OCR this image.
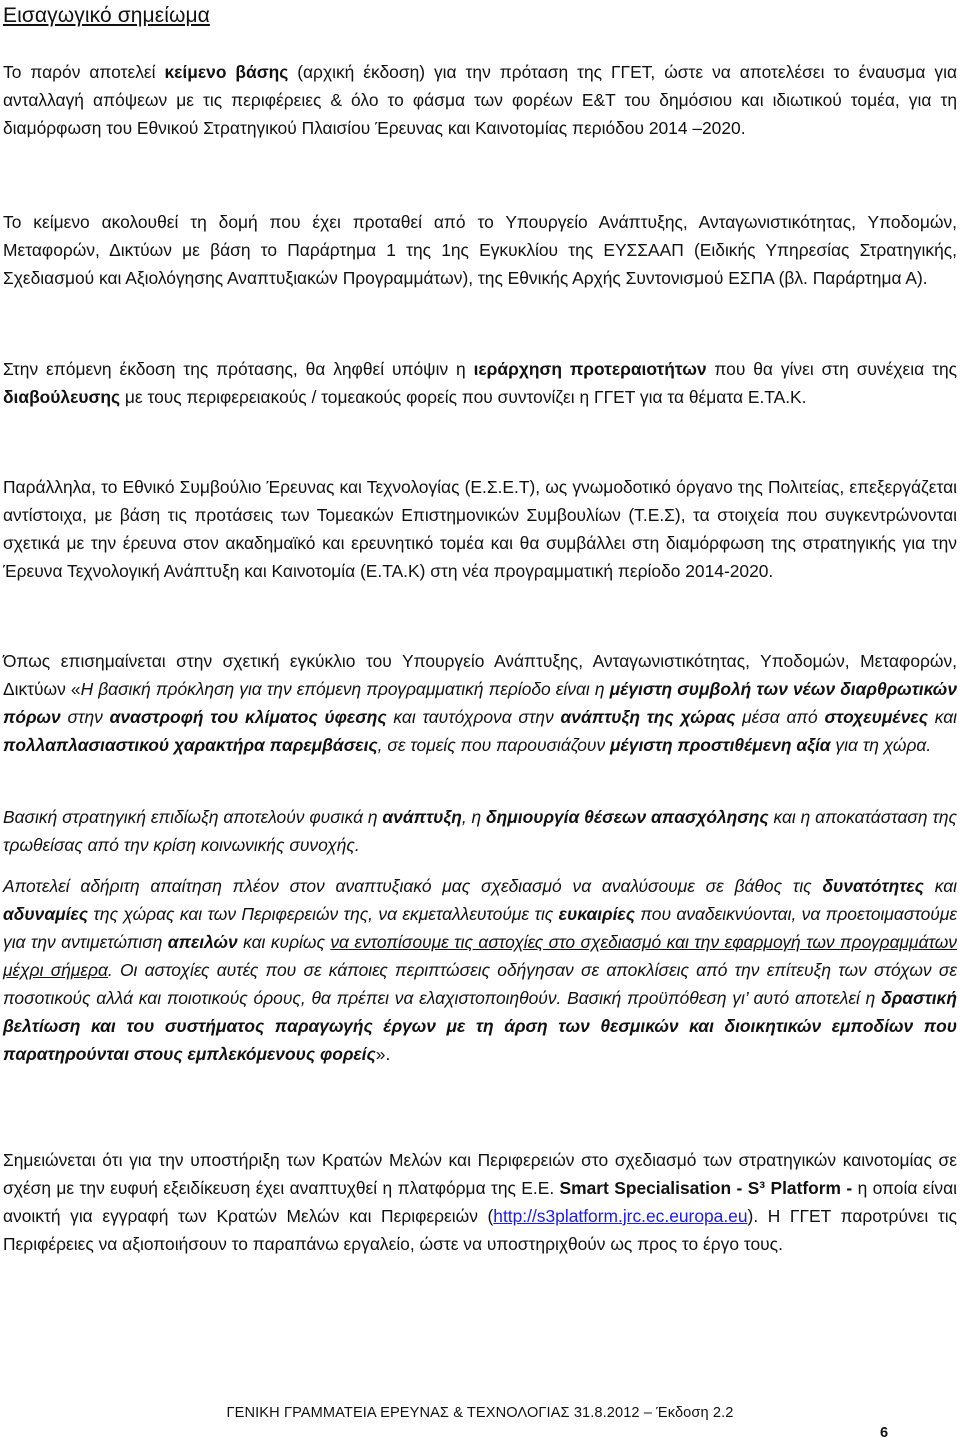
Εισαγωγικό σημείωμα

Το παρόν αποτελεί κείμενο βάσης (αρχική έκδοση) για την πρόταση της ΓΓΕΤ, ώστε να αποτελέσει το έναυσμα για ανταλλαγή απόψεων με τις περιφέρειες & όλο το φάσμα των φορέων Ε&Τ του δημόσιου και ιδιωτικού τομέα, για τη διαμόρφωση του Εθνικού Στρατηγικού Πλαισίου Έρευνας και Καινοτομίας περιόδου 2014 –2020.

Το κείμενο ακολουθεί τη δομή που έχει προταθεί από το Υπουργείο Ανάπτυξης, Ανταγωνιστικότητας, Υποδομών, Μεταφορών, Δικτύων με βάση το Παράρτημα 1 της 1ης Εγκυκλίου της ΕΥΣΣΑΑΠ (Ειδικής Υπηρεσίας Στρατηγικής, Σχεδιασμού και Αξιολόγησης Αναπτυξιακών Προγραμμάτων), της Εθνικής Αρχής Συντονισμού ΕΣΠΑ (βλ. Παράρτημα Α).

Στην επόμενη έκδοση της πρότασης, θα ληφθεί υπόψιν η ιεράρχηση προτεραιοτήτων που θα γίνει στη συνέχεια της διαβούλευσης με τους περιφερειακούς / τομεακούς φορείς που συντονίζει η ΓΓΕΤ για τα θέματα Ε.ΤΑ.Κ.

Παράλληλα, το Εθνικό Συμβούλιο Έρευνας και Τεχνολογίας (Ε.Σ.Ε.Τ), ως γνωμοδοτικό όργανο της Πολιτείας, επεξεργάζεται αντίστοιχα, με βάση τις προτάσεις των Τομεακών Επιστημονικών Συμβουλίων (Τ.Ε.Σ), τα στοιχεία που συγκεντρώνονται σχετικά με την έρευνα στον ακαδημαϊκό και ερευνητικό τομέα και θα συμβάλλει στη διαμόρφωση της στρατηγικής για την Έρευνα Τεχνολογική Ανάπτυξη και Καινοτομία (Ε.ΤΑ.Κ) στη νέα προγραμματική περίοδο 2014-2020.

Όπως επισημαίνεται στην σχετική εγκύκλιο του Υπουργείο Ανάπτυξης, Ανταγωνιστικότητας, Υποδομών, Μεταφορών, Δικτύων «Η βασική πρόκληση για την επόμενη προγραμματική περίοδο είναι η μέγιστη συμβολή των νέων διαρθρωτικών πόρων στην αναστροφή του κλίματος ύφεσης και ταυτόχρονα στην ανάπτυξη της χώρας μέσα από στοχευμένες και πολλαπλασιαστικού χαρακτήρα παρεμβάσεις, σε τομείς που παρουσιάζουν μέγιστη προστιθέμενη αξία για τη χώρα.

Βασική στρατηγική επιδίωξη αποτελούν φυσικά η ανάπτυξη, η δημιουργία θέσεων απασχόλησης και η αποκατάσταση της τρωθείσας από την κρίση κοινωνικής συνοχής.

Αποτελεί αδήριτη απαίτηση πλέον στον αναπτυξιακό μας σχεδιασμό να αναλύσουμε σε βάθος τις δυνατότητες και αδυναμίες της χώρας και των Περιφερειών της, να εκμεταλλευτούμε τις ευκαιρίες που αναδεικνύονται, να προετοιμαστούμε για την αντιμετώπιση απειλών και κυρίως να εντοπίσουμε τις αστοχίες στο σχεδιασμό και την εφαρμογή των προγραμμάτων μέχρι σήμερα. Οι αστοχίες αυτές που σε κάποιες περιπτώσεις οδήγησαν σε αποκλίσεις από την επίτευξη των στόχων σε ποσοτικούς αλλά και ποιοτικούς όρους, θα πρέπει να ελαχιστοποιηθούν. Βασική προϋπόθεση γι’ αυτό αποτελεί η δραστική βελτίωση και του συστήματος παραγωγής έργων με τη άρση των θεσμικών και διοικητικών εμποδίων που παρατηρούνται στους εμπλεκόμενους φορείς».

Σημειώνεται ότι για την υποστήριξη των Κρατών Μελών και Περιφερειών στο σχεδιασμό των στρατηγικών καινοτομίας σε σχέση με την ευφυή εξειδίκευση έχει αναπτυχθεί η πλατφόρμα της Ε.Ε. Smart Specialisation - S³ Platform - η οποία είναι ανοικτή για εγγραφή των Κρατών Μελών και Περιφερειών (http://s3platform.jrc.ec.europa.eu). Η ΓΓΕΤ παροτρύνει τις Περιφέρειες να αξιοποιήσουν το παραπάνω εργαλείο, ώστε να υποστηριχθούν ως προς το έργο τους.

ΓΕΝΙΚΗ ΓΡΑΜΜΑΤΕΙΑ ΕΡΕΥΝΑΣ & ΤΕΧΝΟΛΟΓΙΑΣ 31.8.2012 – Έκδοση 2.2
6
